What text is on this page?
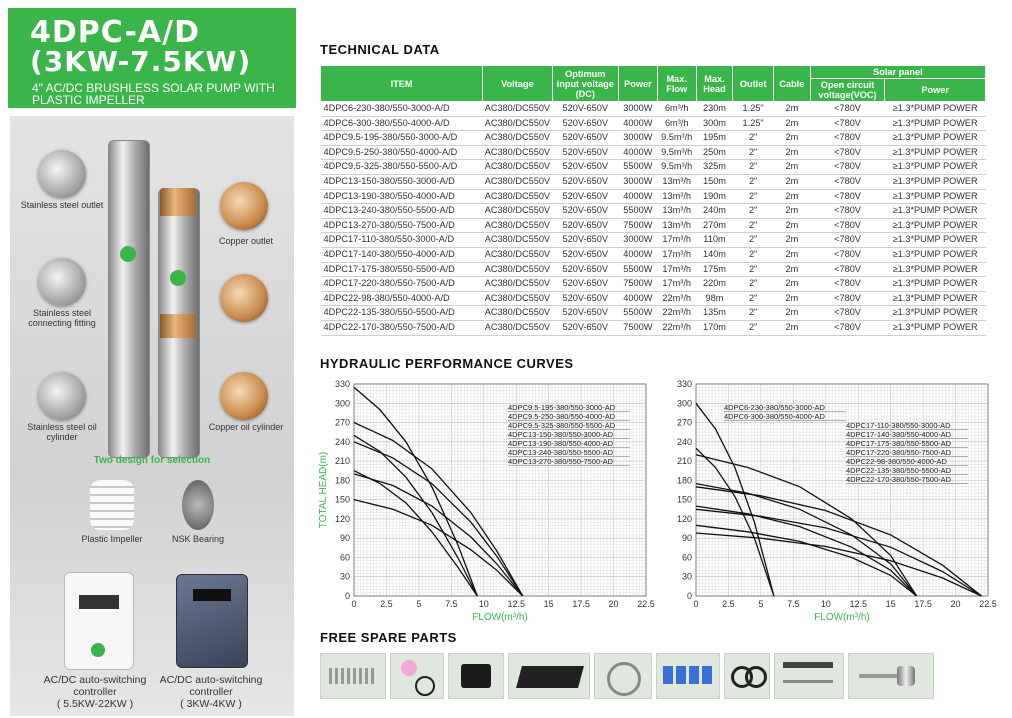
4DPC-A/D
(3KW-7.5KW)
4" AC/DC BRUSHLESS SOLAR PUMP WITH PLASTIC IMPELLER
Stainless steel outlet
Stainless steel connecting fitting
Stainless steel oil cylinder
Copper outlet
Copper oil cylinder
Two design for selection
Plastic Impeller	NSK Bearing
AC/DC auto-switching controller
( 5.5KW-22KW )
AC/DC auto-switching controller
( 3KW-4KW )
TECHNICAL DATA
ITEM	Voltage	Optimum input voltage (DC)	Power	Max. Flow	Max. Head	Outlet	Cable	Solar panel	
								Open circuit voltage(VOC)	Power
4DPC6-230-380/550-3000-A/D	AC380/DC550V	520V-650V	3000W	6m³/h	230m	1.25"	2m	<780V	≥1.3*PUMP POWER
4DPC6-300-380/550-4000-A/D	AC380/DC550V	520V-650V	4000W	6m³/h	300m	1.25"	2m	<780V	≥1.3*PUMP POWER
4DPC9.5-195-380/550-3000-A/D	AC380/DC550V	520V-650V	3000W	9.5m³/h	195m	2"	2m	<780V	≥1.3*PUMP POWER
4DPC9.5-250-380/550-4000-A/D	AC380/DC550V	520V-650V	4000W	9.5m³/h	250m	2"	2m	<780V	≥1.3*PUMP POWER
4DPC9.5-325-380/550-5500-A/D	AC380/DC550V	520V-650V	5500W	9.5m³/h	325m	2"	2m	<780V	≥1.3*PUMP POWER
4DPC13-150-380/550-3000-A/D	AC380/DC550V	520V-650V	3000W	13m³/h	150m	2"	2m	<780V	≥1.3*PUMP POWER
4DPC13-190-380/550-4000-A/D	AC380/DC550V	520V-650V	4000W	13m³/h	190m	2"	2m	<780V	≥1.3*PUMP POWER
4DPC13-240-380/550-5500-A/D	AC380/DC550V	520V-650V	5500W	13m³/h	240m	2"	2m	<780V	≥1.3*PUMP POWER
4DPC13-270-380/550-7500-A/D	AC380/DC550V	520V-650V	7500W	13m³/h	270m	2"	2m	<780V	≥1.3*PUMP POWER
4DPC17-110-380/550-3000-A/D	AC380/DC550V	520V-650V	3000W	17m³/h	110m	2"	2m	<780V	≥1.3*PUMP POWER
4DPC17-140-380/550-4000-A/D	AC380/DC550V	520V-650V	4000W	17m³/h	140m	2"	2m	<780V	≥1.3*PUMP POWER
4DPC17-175-380/550-5500-A/D	AC380/DC550V	520V-650V	5500W	17m³/h	175m	2"	2m	<780V	≥1.3*PUMP POWER
4DPC17-220-380/550-7500-A/D	AC380/DC550V	520V-650V	7500W	17m³/h	220m	2"	2m	<780V	≥1.3*PUMP POWER
4DPC22-98-380/550-4000-A/D	AC380/DC550V	520V-650V	4000W	22m³/h	98m	2"	2m	<780V	≥1.3*PUMP POWER
4DPC22-135-380/550-5500-A/D	AC380/DC550V	520V-650V	5500W	22m³/h	135m	2"	2m	<780V	≥1.3*PUMP POWER
4DPC22-170-380/550-7500-A/D	AC380/DC550V	520V-650V	7500W	22m³/h	170m	2"	2m	<780V	≥1.3*PUMP POWER
HYDRAULIC PERFORMANCE CURVES
0	2.5	5	7.5 10 12.5 15 17.5 20 22.5
0
30
60
90
120
150
180
210
240
270
300
330
FLOW(m³/h)
TOTAL HEAD(m)
4DPC9.5-195-380/550-3000-AD
4DPC9.5-250-380/550-4000-AD
4DPC9.5-325-380/550-5500-AD
4DPC13-150-380/550-3000-AD
4DPC13-190-380/550-4000-AD
4DPC13-240-380/550-5500-AD
4DPC13-270-380/550-7500-AD
0	2.5	5	7.5 10 12.5 15 17.5 20 22.5
0
30
60
90
120
150
180
210
240
270
300
330
FLOW(m³/h)
4DPC6-230-380/550-3000-AD
4DPC6-300-380/550-4000-AD
4DPC17-110-380/550-3000-AD
4DPC17-140-380/550-4000-AD
4DPC17-175-380/550-5500-AD
4DPC17-220-380/550-7500-AD
4DPC22-98-380/550-4000-AD
4DPC22-135-380/550-5500-AD
4DPC22-170-380/550-7500-AD
FREE SPARE PARTS
